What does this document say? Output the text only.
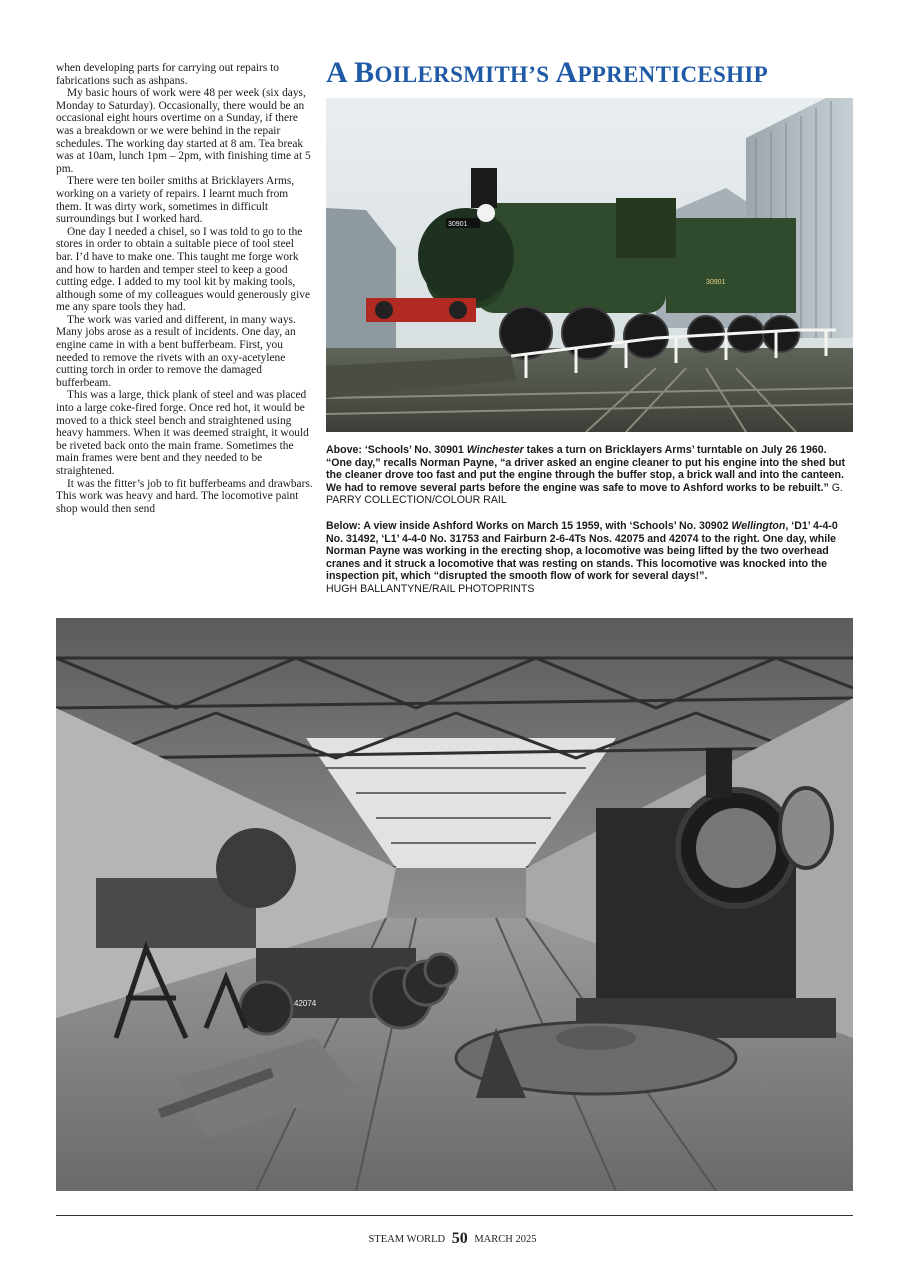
when developing parts for carrying out repairs to fabrications such as ashpans.

My basic hours of work were 48 per week (six days, Monday to Saturday). Occasionally, there would be an occasional eight hours overtime on a Sunday, if there was a breakdown or we were behind in the repair schedules. The working day started at 8 am. Tea break was at 10am, lunch 1pm – 2pm, with finishing time at 5 pm.

There were ten boiler smiths at Bricklayers Arms, working on a variety of repairs. I learnt much from them. It was dirty work, sometimes in difficult surroundings but I worked hard.

One day I needed a chisel, so I was told to go to the stores in order to obtain a suitable piece of tool steel bar. I’d have to make one. This taught me forge work and how to harden and temper steel to keep a good cutting edge. I added to my tool kit by making tools, although some of my colleagues would generously give me any spare tools they had.

The work was varied and different, in many ways. Many jobs arose as a result of incidents. One day, an engine came in with a bent bufferbeam. First, you needed to remove the rivets with an oxy-acetylene cutting torch in order to remove the damaged bufferbeam.

This was a large, thick plank of steel and was placed into a large coke-fired forge. Once red hot, it would be moved to a thick steel bench and straightened using heavy hammers. When it was deemed straight, it would be riveted back onto the main frame. Sometimes the main frames were bent and they needed to be straightened.

It was the fitter’s job to fit bufferbeams and drawbars. This work was heavy and hard. The locomotive paint shop would then send

A BOILERSMITH’S APPRENTICESHIP
30901
30901
Above: ‘Schools’ No. 30901 Winchester takes a turn on Bricklayers Arms’ turntable on July 26 1960. “One day,” recalls Norman Payne, “a driver asked an engine cleaner to put his engine into the shed but the cleaner drove too fast and put the engine through the buffer stop, a brick wall and into the canteen. We had to remove several parts before the engine was safe to move to Ashford works to be rebuilt.” G. PARRY COLLECTION/COLOUR RAIL
Below: A view inside Ashford Works on March 15 1959, with ‘Schools’ No. 30902 Wellington, ‘D1’ 4-4-0 No. 31492, ‘L1’ 4-4-0 No. 31753 and Fairburn 2-6-4Ts Nos. 42075 and 42074 to the right. One day, while Norman Payne was working in the erecting shop, a locomotive was being lifted by the two overhead cranes and it struck a locomotive that was resting on stands. This locomotive was knocked into the inspection pit, which “disrupted the smooth flow of work for several days!”.
HUGH BALLANTYNE/RAIL PHOTOPRINTS
42074
STEAM WORLD 50 MARCH 2025
